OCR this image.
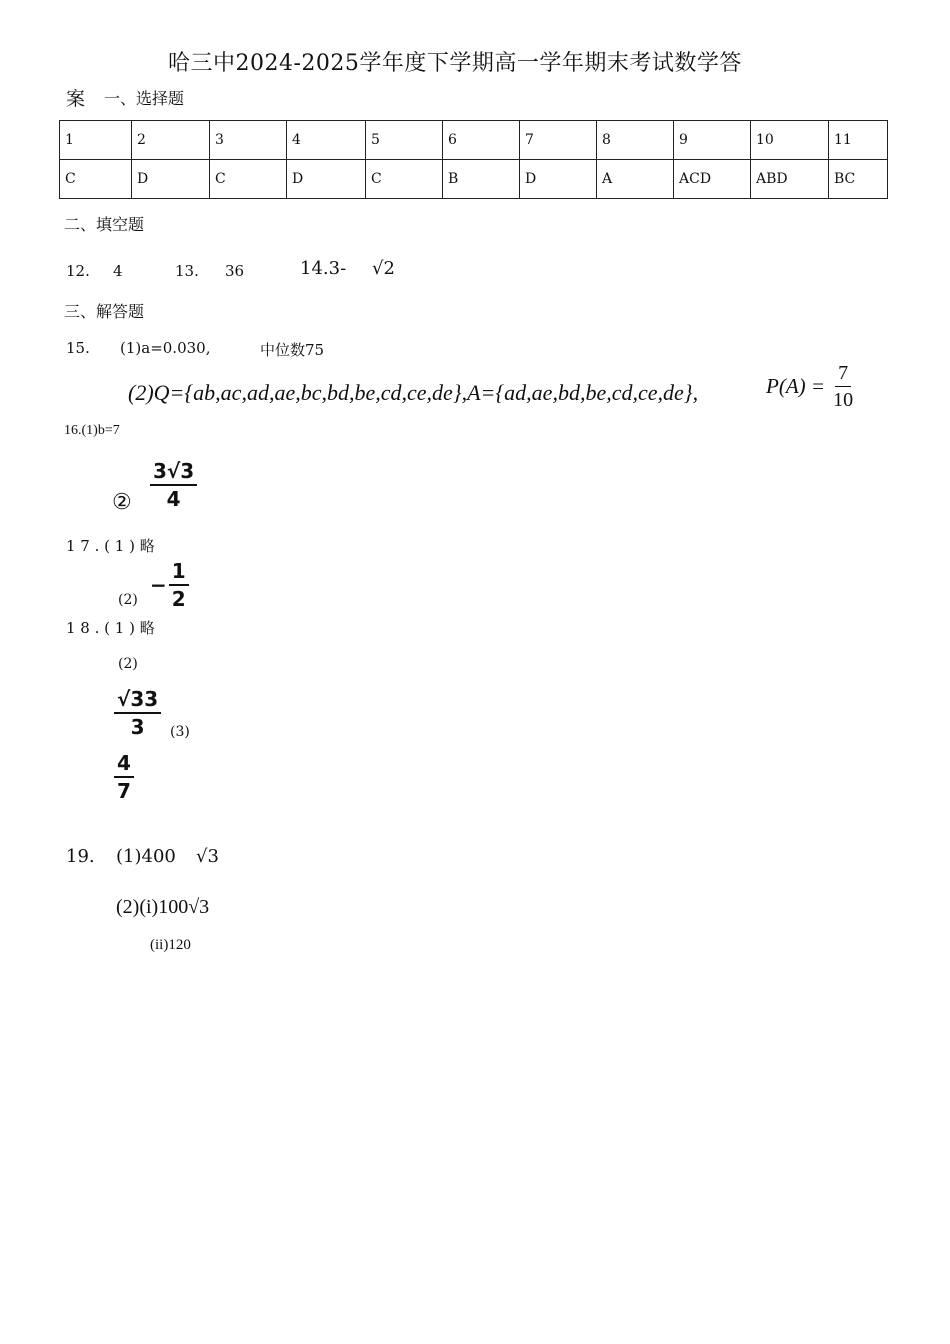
哈三中2024-2025学年度下学期高一学年期末考试数学答
案 一、选择题
1	2	3	4	5	6	7	8	9	10	11
C	D	C	D	C	B	D	A	ACD	ABD	BC
二、填空题
12. 4	13. 36	14.3- √2
三、解答题
15. (1)a=0.030,	中位数75
(2)Q={ab,ac,ad,ae,bc,bd,be,cd,ce,de},A={ad,ae,bd,be,cd,ce,de},	$P(A) = \frac{7}{10}$
16.(1)b=7
② $\frac{3√3}{4}$
1 7 . ( 1 ) 略
(2)
− $\frac{1}{2}$
1 8 . ( 1 ) 略
(2)
$\frac{√33}{3} (3)$
$\frac{4}{7}$
19. (1)400 √3
(2)(i)100√3
(ii)120
